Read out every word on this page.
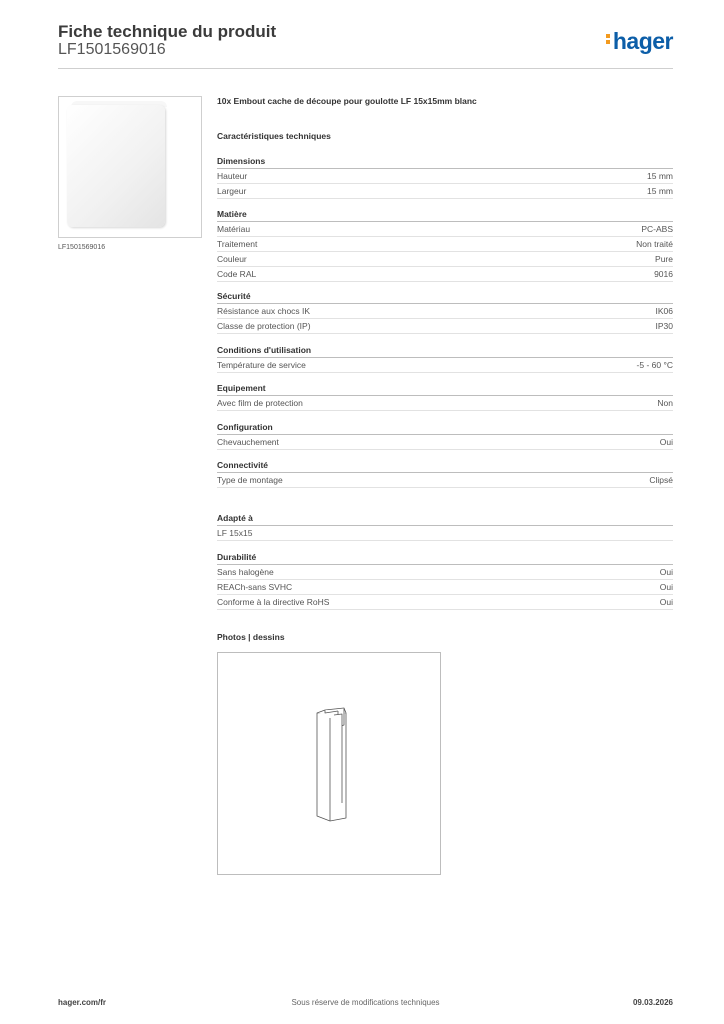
Fiche technique du produit
LF1501569016	hager
LF1501569016
10x Embout cache de découpe pour goulotte LF 15x15mm blanc
Caractéristiques techniques
Dimensions
Hauteur	15 mm
Largeur	15 mm
Matière
Matériau	PC-ABS
Traitement	Non traité
Couleur	Pure
Code RAL	9016
Sécurité
Résistance aux chocs IK	IK06
Classe de protection (IP)	IP30
Conditions d'utilisation
Température de service	-5 - 60 °C
Equipement
Avec film de protection	Non
Configuration
Chevauchement	Oui
Connectivité
Type de montage	Clipsé
Adapté à
LF 15x15
Durabilité
Sans halogène	Oui
REACh-sans SVHC	Oui
Conforme à la directive RoHS	Oui
Photos | dessins
Sous réserve de modifications techniques
hager.com/fr	09.03.2026
